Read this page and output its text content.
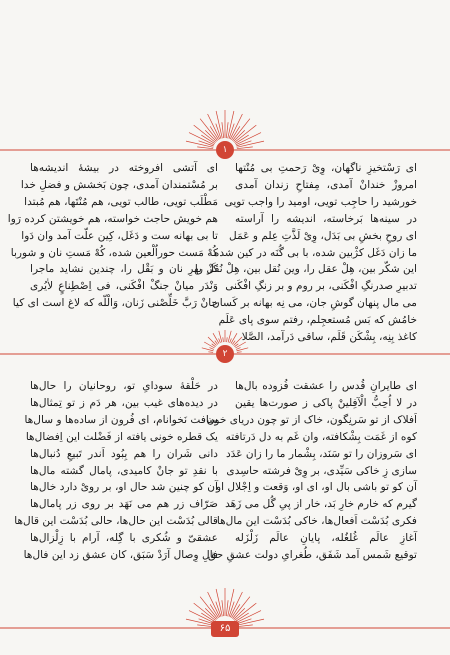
۱
ای رَسْتخیزِ ناگهان، وِیْ رَحمتِ بی مُنْتها
امروزْ خندانْ آمدی، مِفتاحِ زندان آمدی
خورشید را حاجِب تویی، اومید را واجب تویی
در سینه‌ها بَرخاسته، اندیشه را آراسته
ای روحِ بخشِ بی بَدَل، وِیْ لَذَّتِ عِلم و عَمَل
ما زان دَغَل کژْبین شده، با بی گُنَه در کین شده
این شکّر بین، هِلْ عقل را، وین نُقل بین، هِلْ نُقل را
تدبیرِ صدرنگِ افْکَنی، بر روم و بر زنگِ افْکَنی
می مال پنهان گوشِ جان، می نِه بهانه بر کَسان
خامُش که بَس مُستعجِلم، رفتم سوی پای عَلَم
کاغذ بِنِه، بِشْکَن قَلَم، ساقی دَرآمد، الصَّلا
ای آتشی افروخته در بیشهٔ اندیشه‌ها
بر مُسْتمندان آمدی، چون بَخشش و فضلِ خدا
مَطْلَب تویی، طالب تویی، هم مُنْتَها، هم مُبتدا
هم خویش حاجت خواسته، هم خویشتن کرده رَوا
تا بی بهانه ست و دَغَل، کِین علّت آمد وان دَوا
کُهْ مَست حوراُلْعین شده، کُهْ مَستِ نان و شوربا
کَزْ بهرِ نان و بَقْل را، چندین نشاید ماجرا
وَنْدَر میانْ جنگْ افْکَنی، فی اِصْطِناعٍ لاٰیُری
جانْ رَبَّ خَلِّصْنی زَنان، وَالْلّه که لاغ است ای کیا
۲
ای طایرانِ قُدس را عشقت فُزوده بال‌ها
در لا اُحِبُّ الْآفِلینْ پاکی ز صورت‌ها یقین
اَفلاک از تو سَرنِگون، خاک از تو چون دریای خون
کوه از غَمَت بِشْکافته، وان غَم به دل دَرتافته
ای سَروزان را تو سَنَد، بِشْمار ما را زان عَدَد
سازی زِ خاکی سَیِّدی، بر وِیْ فرشته حاسِدی
آن کو تو باشی بال او، ای او، وَقعت و اِجْلال او
گیرم که خارم خارِ بَد، خار از پیِ گُل می زَهَد
فکری بُدَسْت اَفعال‌ها، خاکی بُدَسْت این مال‌ها
آغازِ عالَم غُلغُله، پایانِ عالَم زَلْزَله
توقیع شَمس آمد شَفَق، طُغرایِ دولت عشقِ حق
در حَلْقهٔ سودایِ تو، روحانیان را حال‌ها
در دیده‌های غیب بین، هر دَم ز تو تِمثال‌ها
سافت نَخوانام، ای فُرون از ساده‌ها و سال‌ها
یک قطره خونی یافته از فَضْلت این اِفضال‌ها
دانی شَران را هم بِبُود اَندر تَبیعِ دُنبال‌ها
با نقدِ تو جانْ کامیدی، پامال گشته مال‌ها
آن کو چنین شد حال او، بر رویْ دارد خال‌ها
صَرّاف زر هم می نَهَد بر روی زر پامال‌ها
قالی بُدَسْت این حال‌ها، حالی بُدَسْت این قال‌ها
عشقیّ و شُکری با گِله، آرام با زِلْزال‌ها
فالِ وِصال آرَدْ سَبَق، کان عشق زد این فال‌ها
۶۵
